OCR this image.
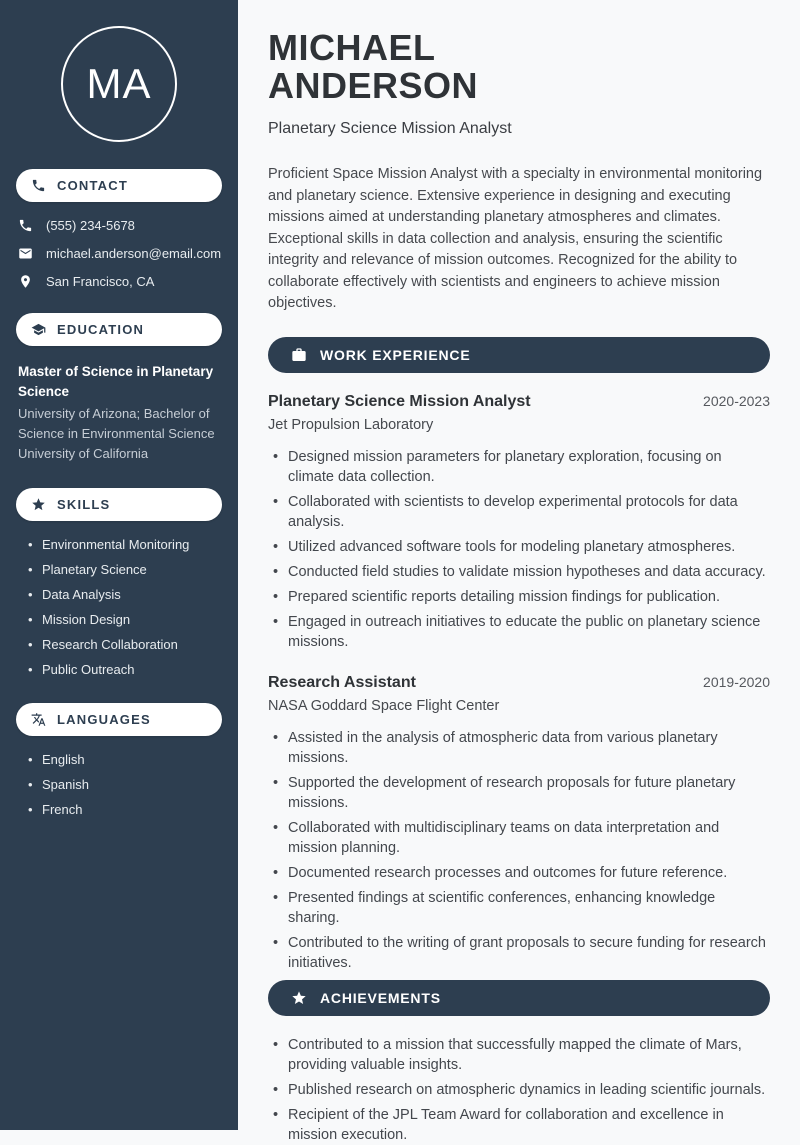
MA
CONTACT
(555) 234-5678
michael.anderson@email.com
San Francisco, CA
EDUCATION
Master of Science in Planetary Science
University of Arizona; Bachelor of Science in Environmental Science University of California
SKILLS
• Environmental Monitoring
• Planetary Science
• Data Analysis
• Mission Design
• Research Collaboration
• Public Outreach
LANGUAGES
• English
• Spanish
• French
MICHAEL
ANDERSON
Planetary Science Mission Analyst

Proficient Space Mission Analyst with a specialty in environmental monitoring and planetary science. Extensive experience in designing and executing missions aimed at understanding planetary atmospheres and climates. Exceptional skills in data collection and analysis, ensuring the scientific integrity and relevance of mission outcomes. Recognized for the ability to collaborate effectively with scientists and engineers to achieve mission objectives.

WORK EXPERIENCE
Planetary Science Mission Analyst	2020-2023
Jet Propulsion Laboratory
• Designed mission parameters for planetary exploration, focusing on climate data collection.
• Collaborated with scientists to develop experimental protocols for data analysis.
• Utilized advanced software tools for modeling planetary atmospheres.
• Conducted field studies to validate mission hypotheses and data accuracy.
• Prepared scientific reports detailing mission findings for publication.
• Engaged in outreach initiatives to educate the public on planetary science missions.
Research Assistant	2019-2020
NASA Goddard Space Flight Center
• Assisted in the analysis of atmospheric data from various planetary missions.
• Supported the development of research proposals for future planetary missions.
• Collaborated with multidisciplinary teams on data interpretation and mission planning.
• Documented research processes and outcomes for future reference.
• Presented findings at scientific conferences, enhancing knowledge sharing.
• Contributed to the writing of grant proposals to secure funding for research initiatives.
ACHIEVEMENTS
• Contributed to a mission that successfully mapped the climate of Mars, providing valuable insights.
• Published research on atmospheric dynamics in leading scientific journals.
• Recipient of the JPL Team Award for collaboration and excellence in mission execution.
